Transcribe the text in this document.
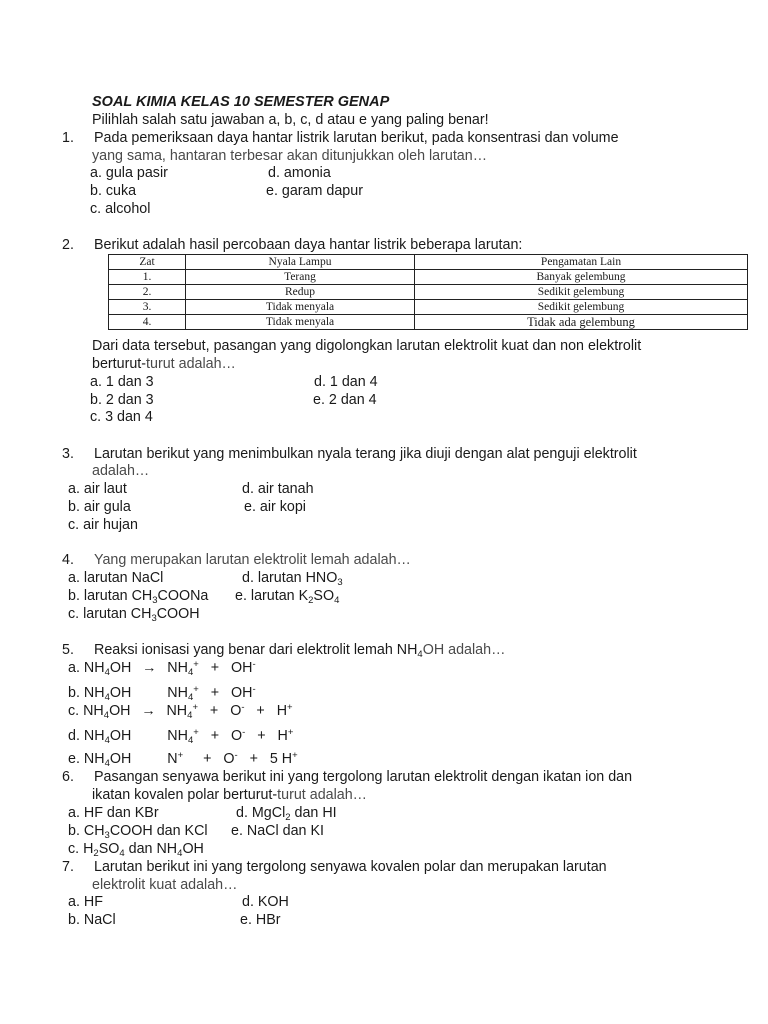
SOAL KIMIA KELAS 10 SEMESTER GENAP
Pilihlah salah satu jawaban a, b, c, d atau e yang paling benar!
1. Pada pemeriksaan daya hantar listrik larutan berikut, pada konsentrasi dan volume
yang sama, hantaran terbesar akan ditunjukkan oleh larutan…
a. gula pasir	d. amonia
b. cuka	e. garam dapur
c. alcohol
2. Berikut adalah hasil percobaan daya hantar listrik beberapa larutan:
Zat	Nyala Lampu	Pengamatan Lain
1.	Terang	Banyak gelembung
2.	Redup	Sedikit gelembung
3.	Tidak menyala	Sedikit gelembung
4.	Tidak menyala	Tidak ada gelembung
Dari data tersebut, pasangan yang digolongkan larutan elektrolit kuat dan non elektrolit
berturut-turut adalah…
a. 1 dan 3	d. 1 dan 4
b. 2 dan 3	e. 2 dan 4
c. 3 dan 4
3. Larutan berikut yang menimbulkan nyala terang jika diuji dengan alat penguji elektrolit
adalah…
a. air laut	d. air tanah
b. air gula	e. air kopi
c. air hujan
4. Yang merupakan larutan elektrolit lemah adalah…
a. larutan NaCl	d. larutan $HNO_3$
b. larutan $CH_3COONa$ e. larutan $K_2SO_4$
c. larutan $CH_3COOH$
5. Reaksi ionisasi yang benar dari elektrolit lemah $NH_4OH$ adalah…
a. $NH_4OH \to NH_4^+ + OH^-$
b. $NH_4OH$	$NH_4^+ + OH^-$
c. $NH_4OH \to NH_4^+ + O^- + H^+$
d. $NH_4OH$	$NH_4^+ + O^- + H^+$
e. $NH_4OH$	N+ + O- + 5 H+
6. Pasangan senyawa berikut ini yang tergolong larutan elektrolit dengan ikatan ion dan
ikatan kovalen polar berturut-turut adalah…
a. HF dan KBr	d. MgCl$_2$ dan HI
b. $CH_3COOH$ dan KCl e. NaCl dan KI
c. $H_2SO_4$ dan $NH_4OH$
7. Larutan berikut ini yang tergolong senyawa kovalen polar dan merupakan larutan
elektrolit kuat adalah…
a. HF	d. KOH
b. NaCl	e. HBr
